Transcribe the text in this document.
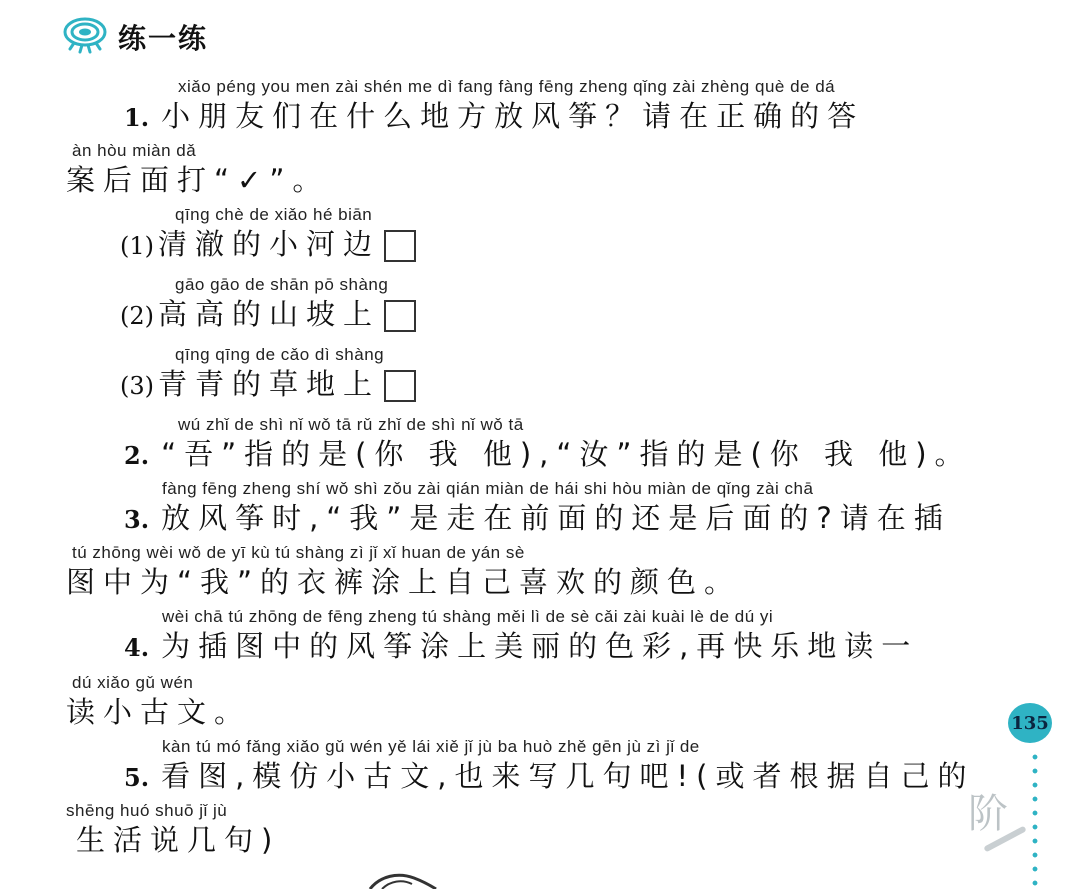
练一练
xiǎo péng you men zài shén me dì fang fàng fēng zheng qǐng zài zhèng què de dá
1. 小朋友们在什么地方放风筝？请在正确的答
àn hòu miàn dǎ
案后面打“✓”。
qīng chè de xiǎo hé biān
(1) 清澈的小河边
gāo gāo de shān pō shàng
(2) 高高的山坡上
qīng qīng de cǎo dì shàng
(3) 青青的草地上
wú zhǐ de shì nǐ wǒ tā rǔ zhǐ de shì nǐ wǒ tā
2. “吾”指的是(你 我 他),“汝”指的是(你 我 他)。
fàng fēng zheng shí wǒ shì zǒu zài qián miàn de hái shi hòu miàn de qǐng zài chā
3. 放风筝时,“我”是走在前面的还是后面的?请在插
tú zhōng wèi wǒ de yī kù tú shàng zì jǐ xǐ huan de yán sè
图中为“我”的衣裤涂上自己喜欢的颜色。
wèi chā tú zhōng de fēng zheng tú shàng měi lì de sè cǎi zài kuài lè de dú yi
4. 为插图中的风筝涂上美丽的色彩,再快乐地读一
dú xiǎo gǔ wén
读小古文。
kàn tú mó fǎng xiǎo gǔ wén yě lái xiě jǐ jù ba huò zhě gēn jù zì jǐ de
5. 看图,模仿小古文,也来写几句吧!(或者根据自己的
shēng huó shuō jǐ jù
生活说几句)
135
阶
